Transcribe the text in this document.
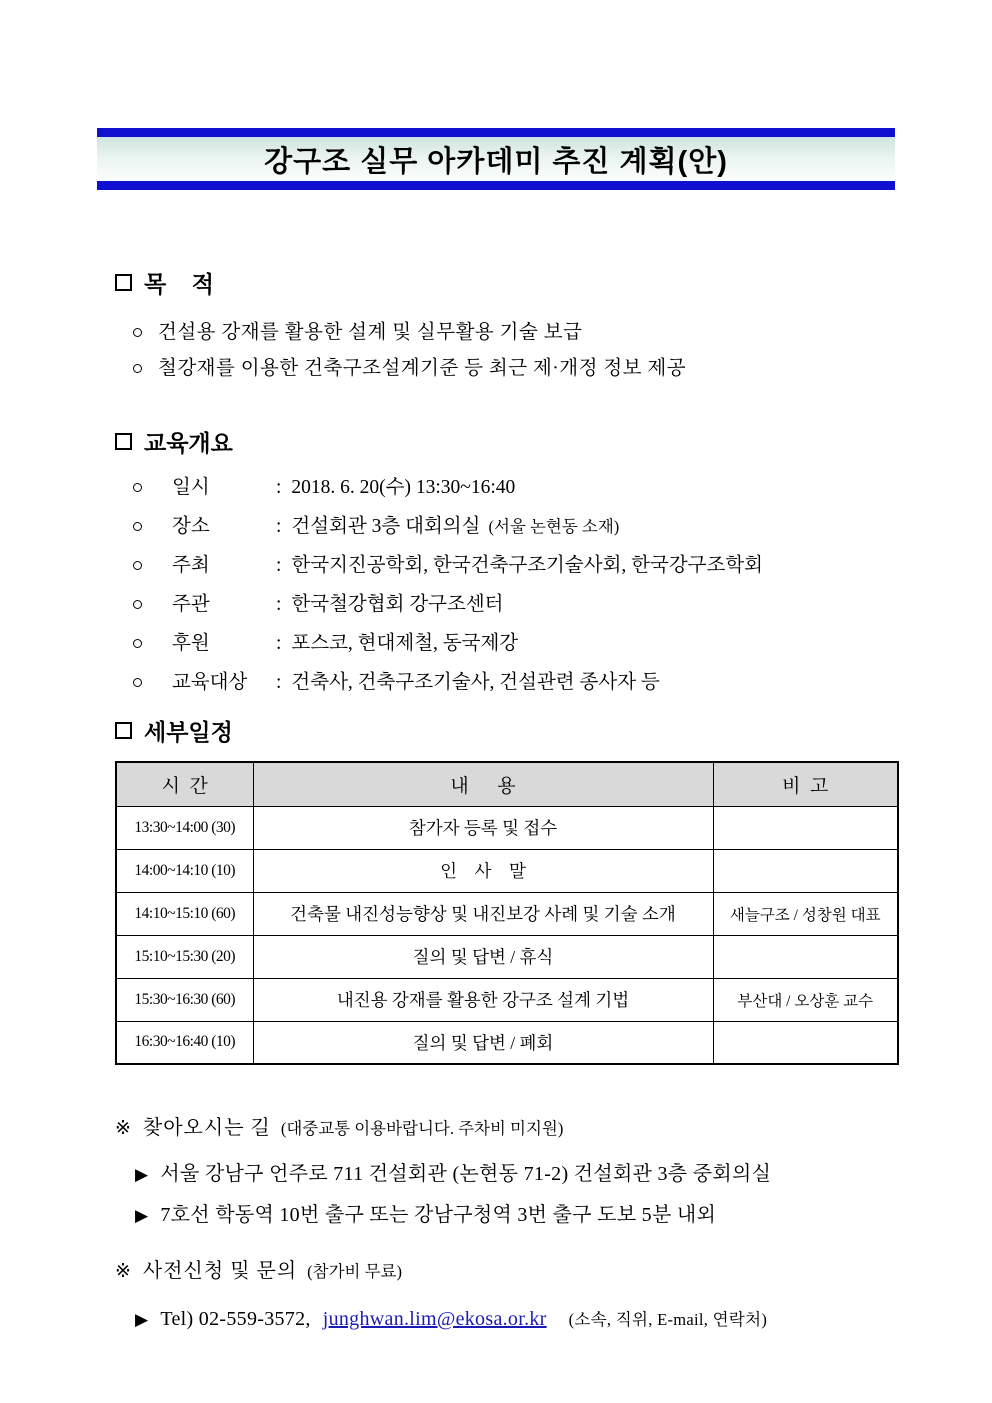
강구조 실무 아카데미 추진 계획(안)
목    적
건설용 강재를 활용한 설계 및 실무활용 기술 보급
철강재를 이용한 건축구조설계기준 등 최근 제·개정 정보 제공
교육개요
일시	: 2018. 6. 20(수) 13:30~16:40
장소	: 건설회관 3층 대회의실 (서울 논현동 소재)
주최	: 한국지진공학회, 한국건축구조기술사회, 한국강구조학회
주관	: 한국철강협회 강구조센터
후원	: 포스코, 현대제철, 동국제강
교육대상	: 건축사, 건축구조기술사, 건설관련 종사자 등
세부일정
시  간	내      용	비  고
13:30~14:00 (30)	참가자 등록 및 접수	
14:00~14:10 (10)	인    사    말	
14:10~15:10 (60)	건축물 내진성능향상 및 내진보강 사례 및 기술 소개	새늘구조 / 성창원 대표
15:10~15:30 (20)	질의 및 답변 / 휴식	
15:30~16:30 (60)	내진용 강재를 활용한 강구조 설계 기법	부산대 / 오상훈 교수
16:30~16:40 (10)	질의 및 답변 / 폐회	
※ 찾아오시는 길 (대중교통 이용바랍니다. 주차비 미지원)
▶ 서울 강남구 언주로 711 건설회관 (논현동 71-2) 건설회관 3층 중회의실
▶ 7호선 학동역 10번 출구 또는 강남구청역 3번 출구 도보 5분 내외
※ 사전신청 및 문의 (참가비 무료)
▶ Tel) 02-559-3572, junghwan.lim@ekosa.or.kr (소속, 직위, E-mail, 연락처)
